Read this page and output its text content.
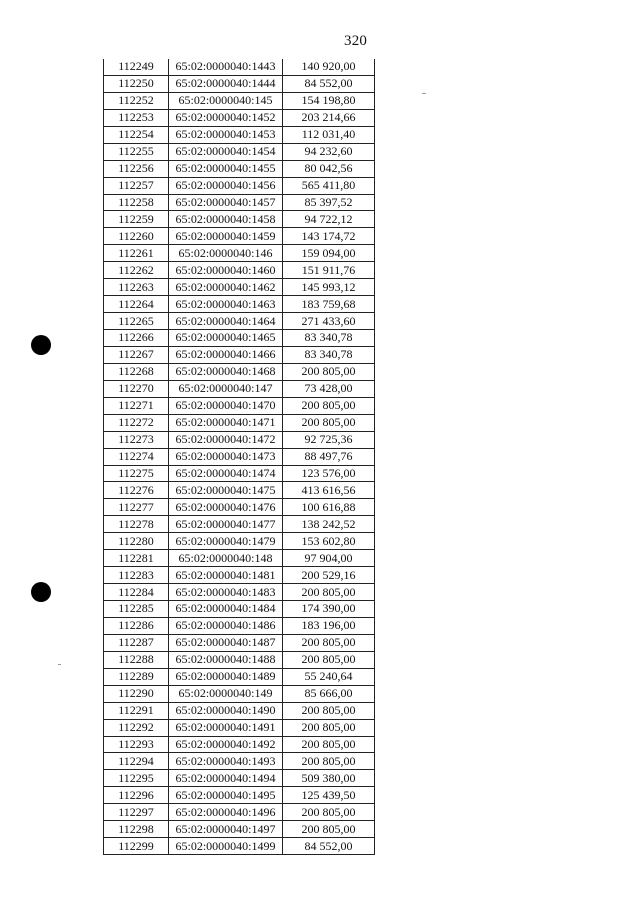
320
112249	65:02:0000040:1443	140 920,00
112250	65:02:0000040:1444	84 552,00
112252	65:02:0000040:145	154 198,80
112253	65:02:0000040:1452	203 214,66
112254	65:02:0000040:1453	112 031,40
112255	65:02:0000040:1454	94 232,60
112256	65:02:0000040:1455	80 042,56
112257	65:02:0000040:1456	565 411,80
112258	65:02:0000040:1457	85 397,52
112259	65:02:0000040:1458	94 722,12
112260	65:02:0000040:1459	143 174,72
112261	65:02:0000040:146	159 094,00
112262	65:02:0000040:1460	151 911,76
112263	65:02:0000040:1462	145 993,12
112264	65:02:0000040:1463	183 759,68
112265	65:02:0000040:1464	271 433,60
112266	65:02:0000040:1465	83 340,78
112267	65:02:0000040:1466	83 340,78
112268	65:02:0000040:1468	200 805,00
112270	65:02:0000040:147	73 428,00
112271	65:02:0000040:1470	200 805,00
112272	65:02:0000040:1471	200 805,00
112273	65:02:0000040:1472	92 725,36
112274	65:02:0000040:1473	88 497,76
112275	65:02:0000040:1474	123 576,00
112276	65:02:0000040:1475	413 616,56
112277	65:02:0000040:1476	100 616,88
112278	65:02:0000040:1477	138 242,52
112280	65:02:0000040:1479	153 602,80
112281	65:02:0000040:148	97 904,00
112283	65:02:0000040:1481	200 529,16
112284	65:02:0000040:1483	200 805,00
112285	65:02:0000040:1484	174 390,00
112286	65:02:0000040:1486	183 196,00
112287	65:02:0000040:1487	200 805,00
112288	65:02:0000040:1488	200 805,00
112289	65:02:0000040:1489	55 240,64
112290	65:02:0000040:149	85 666,00
112291	65:02:0000040:1490	200 805,00
112292	65:02:0000040:1491	200 805,00
112293	65:02:0000040:1492	200 805,00
112294	65:02:0000040:1493	200 805,00
112295	65:02:0000040:1494	509 380,00
112296	65:02:0000040:1495	125 439,50
112297	65:02:0000040:1496	200 805,00
112298	65:02:0000040:1497	200 805,00
112299	65:02:0000040:1499	84 552,00
